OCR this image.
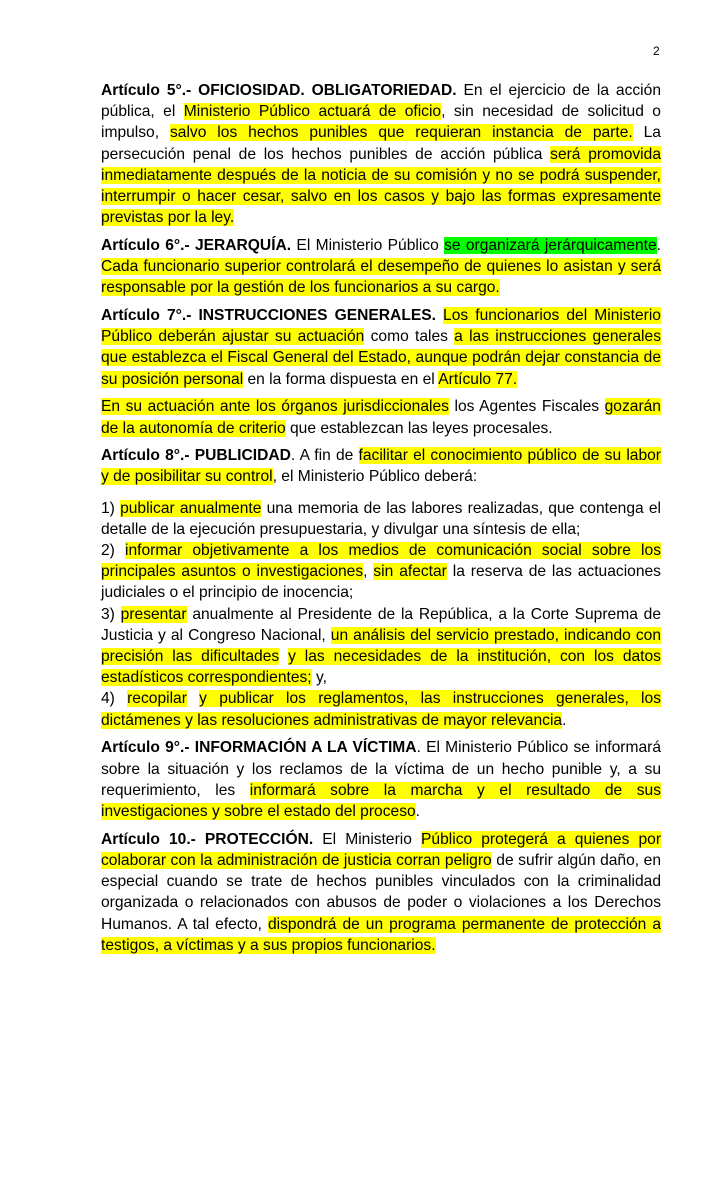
2

Artículo 5°.- OFICIOSIDAD. OBLIGATORIEDAD. En el ejercicio de la acción pública, el Ministerio Público actuará de oficio, sin necesidad de solicitud o impulso, salvo los hechos punibles que requieran instancia de parte. La persecución penal de los hechos punibles de acción pública será promovida inmediatamente después de la noticia de su comisión y no se podrá suspender, interrumpir o hacer cesar, salvo en los casos y bajo las formas expresamente previstas por la ley.

Artículo 6°.- JERARQUÍA. El Ministerio Público se organizará jerárquicamente. Cada funcionario superior controlará el desempeño de quienes lo asistan y será responsable por la gestión de los funcionarios a su cargo.

Artículo 7°.- INSTRUCCIONES GENERALES. Los funcionarios del Ministerio Público deberán ajustar su actuación como tales a las instrucciones generales que establezca el Fiscal General del Estado, aunque podrán dejar constancia de su posición personal en la forma dispuesta en el Artículo 77.

En su actuación ante los órganos jurisdiccionales los Agentes Fiscales gozarán de la autonomía de criterio que establezcan las leyes procesales.

Artículo 8°.- PUBLICIDAD. A fin de facilitar el conocimiento público de su labor y de posibilitar su control, el Ministerio Público deberá:

1) publicar anualmente una memoria de las labores realizadas, que contenga el detalle de la ejecución presupuestaria, y divulgar una síntesis de ella;

2) informar objetivamente a los medios de comunicación social sobre los principales asuntos o investigaciones, sin afectar la reserva de las actuaciones judiciales o el principio de inocencia;

3) presentar anualmente al Presidente de la República, a la Corte Suprema de Justicia y al Congreso Nacional, un análisis del servicio prestado, indicando con precisión las dificultades y las necesidades de la institución, con los datos estadísticos correspondientes; y,

4) recopilar y publicar los reglamentos, las instrucciones generales, los dictámenes y las resoluciones administrativas de mayor relevancia.

Artículo 9°.- INFORMACIÓN A LA VÍCTIMA. El Ministerio Público se informará sobre la situación y los reclamos de la víctima de un hecho punible y, a su requerimiento, les informará sobre la marcha y el resultado de sus investigaciones y sobre el estado del proceso.

Artículo 10.- PROTECCIÓN. El Ministerio Público protegerá a quienes por colaborar con la administración de justicia corran peligro de sufrir algún daño, en especial cuando se trate de hechos punibles vinculados con la criminalidad organizada o relacionados con abusos de poder o violaciones a los Derechos Humanos. A tal efecto, dispondrá de un programa permanente de protección a testigos, a víctimas y a sus propios funcionarios.
